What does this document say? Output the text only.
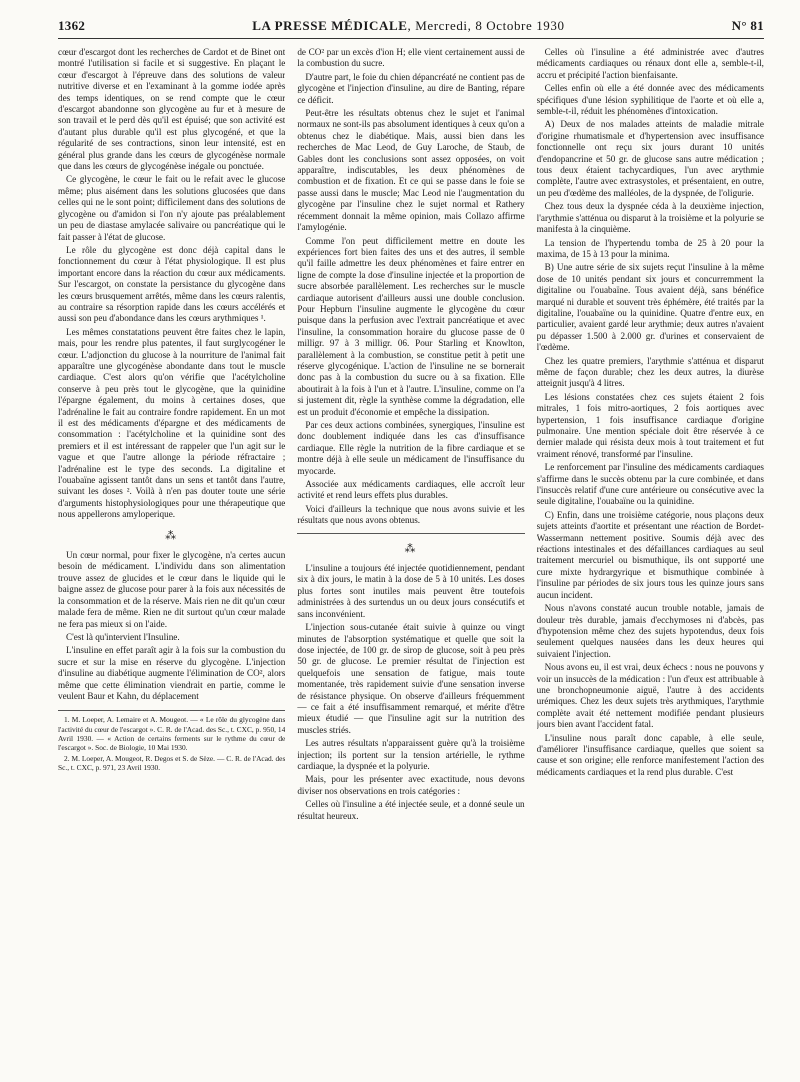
1362	LA PRESSE MÉDICALE, Mercredi, 8 Octobre 1930	N° 81

cœur d'escargot dont les recherches de Cardot et de Binet ont montré l'utilisation si facile et si suggestive. En plaçant le cœur d'escargot à l'épreuve dans des solutions de valeur nutritive diverse et en l'examinant à la gomme iodée après des temps identiques, on se rend compte que le cœur d'escargot abandonne son glycogène au fur et à mesure de son travail et le perd dès qu'il est épuisé; que son activité est d'autant plus durable qu'il est plus glycogéné, et que la régularité de ses contractions, sinon leur intensité, est en général plus grande dans les cœurs de glycogénèse normale que dans les cœurs de glycogénèse inégale ou ponctuée.

Ce glycogène, le cœur le fait ou le refait avec le glucose même; plus aisément dans les solutions glucosées que dans celles qui ne le sont point; difficilement dans des solutions de glycogène ou d'amidon si l'on n'y ajoute pas préalablement un peu de diastase amylacée salivaire ou pancréatique qui le fait passer à l'état de glucose.

Le rôle du glycogène est donc déjà capital dans le fonctionnement du cœur à l'état physiologique. Il est plus important encore dans la réaction du cœur aux médicaments. Sur l'escargot, on constate la persistance du glycogène dans les cœurs brusquement arrêtés, même dans les cœurs ralentis, au contraire sa résorption rapide dans les cœurs accélérés et aussi son peu d'abondance dans les cœurs arythmiques ¹.

Les mêmes constatations peuvent être faites chez le lapin, mais, pour les rendre plus patentes, il faut surglycogéner le cœur. L'adjonction du glucose à la nourriture de l'animal fait apparaître une glycogénèse abondante dans tout le muscle cardiaque. C'est alors qu'on vérifie que l'acétylcholine conserve à peu près tout le glycogène, que la quinidine l'épargne également, du moins à certaines doses, que l'adrénaline le fait au contraire fondre rapidement. En un mot il est des médicaments d'épargne et des médicaments de consommation : l'acétylcholine et la quinidine sont des premiers et il est intéressant de rappeler que l'un agit sur le vague et que l'autre allonge la période réfractaire ; l'adrénaline est le type des seconds. La digitaline et l'ouabaïne agissent tantôt dans un sens et tantôt dans l'autre, suivant les doses ². Voilà à n'en pas douter toute une série d'arguments histophysiologiques pour une thérapeutique que nous appellerons amyloperique.

⁂

Un cœur normal, pour fixer le glycogène, n'a certes aucun besoin de médicament. L'individu dans son alimentation trouve assez de glucides et le cœur dans le liquide qui le baigne assez de glucose pour parer à la fois aux nécessités de la consommation et de la réserve. Mais rien ne dit qu'un cœur malade fera de même. Rien ne dit surtout qu'un cœur malade ne fera pas mieux si on l'aide.

C'est là qu'intervient l'Insuline.

L'insuline en effet paraît agir à la fois sur la combustion du sucre et sur la mise en réserve du glycogène. L'injection d'insuline au diabétique augmente l'élimination de CO², alors même que cette élimination viendrait en partie, comme le veulent Baur et Kahn, du déplacement

1. M. Loeper, A. Lemaire et A. Mougeot. — « Le rôle du glycogène dans l'activité du cœur de l'escargot ». C. R. de l'Acad. des Sc., t. CXC, p. 950, 14 Avril 1930. — « Action de certains ferments sur le rythme du cœur de l'escargot ». Soc. de Biologie, 10 Mai 1930.

2. M. Loeper, A. Mougeot, R. Degos et S. de Sèze. — C. R. de l'Acad. des Sc., t. CXC, p. 971, 23 Avril 1930.

de CO² par un excès d'ion H; elle vient certainement aussi de la combustion du sucre.

D'autre part, le foie du chien dépancréaté ne contient pas de glycogène et l'injection d'insuline, au dire de Banting, répare ce déficit.

Peut-être les résultats obtenus chez le sujet et l'animal normaux ne sont-ils pas absolument identiques à ceux qu'on a obtenus chez le diabétique. Mais, aussi bien dans les recherches de Mac Leod, de Guy Laroche, de Staub, de Gables dont les conclusions sont assez opposées, on voit apparaître, indiscutables, les deux phénomènes de combustion et de fixation. Et ce qui se passe dans le foie se passe aussi dans le muscle; Mac Leod nie l'augmentation du glycogène par l'insuline chez le sujet normal et Rathery récemment donnait la même opinion, mais Collazo affirme l'amylogénie.

Comme l'on peut difficilement mettre en doute les expériences fort bien faites des uns et des autres, il semble qu'il faille admettre les deux phénomènes et faire entrer en ligne de compte la dose d'insuline injectée et la proportion de sucre absorbée parallèlement. Les recherches sur le muscle cardiaque autorisent d'ailleurs aussi une double conclusion. Pour Hepburn l'insuline augmente le glycogène du cœur puisque dans la perfusion avec l'extrait pancréatique et avec l'insuline, la consommation horaire du glucose passe de 0 milligr. 97 à 3 milligr. 06. Pour Starling et Knowlton, parallèlement à la combustion, se constitue petit à petit une réserve glycogénique. L'action de l'insuline ne se bornerait donc pas à la combustion du sucre ou à sa fixation. Elle aboutirait à la fois à l'un et à l'autre. L'insuline, comme on l'a si justement dit, règle la synthèse comme la dégradation, elle est un produit d'économie et empêche la dissipation.

Par ces deux actions combinées, synergiques, l'insuline est donc doublement indiquée dans les cas d'insuffisance cardiaque. Elle règle la nutrition de la fibre cardiaque et se montre déjà à elle seule un médicament de l'insuffisance du myocarde.

Associée aux médicaments cardiaques, elle accroît leur activité et rend leurs effets plus durables.

Voici d'ailleurs la technique que nous avons suivie et les résultats que nous avons obtenus.

⁂

L'insuline a toujours été injectée quotidiennement, pendant six à dix jours, le matin à la dose de 5 à 10 unités. Les doses plus fortes sont inutiles mais peuvent être toutefois administrées à des surtendus un ou deux jours consécutifs et sans inconvénient.

L'injection sous-cutanée était suivie à quinze ou vingt minutes de l'absorption systématique et quelle que soit la dose injectée, de 100 gr. de sirop de glucose, soit à peu près 50 gr. de glucose. Le premier résultat de l'injection est quelquefois une sensation de fatigue, mais toute momentanée, très rapidement suivie d'une sensation inverse de résistance physique. On observe d'ailleurs fréquemment — ce fait a été insuffisamment remarqué, et mérite d'être mieux étudié — que l'insuline agit sur la nutrition des muscles striés.

Les autres résultats n'apparaissent guère qu'à la troisième injection; ils portent sur la tension artérielle, le rythme cardiaque, la dyspnée et la polyurie.

Mais, pour les présenter avec exactitude, nous devons diviser nos observations en trois catégories :

Celles où l'insuline a été injectée seule, et a donné seule un résultat heureux.

Celles où l'insuline a été administrée avec d'autres médicaments cardiaques ou rénaux dont elle a, semble-t-il, accru et précipité l'action bienfaisante.

Celles enfin où elle a été donnée avec des médicaments spécifiques d'une lésion syphilitique de l'aorte et où elle a, semble-t-il, réduit les phénomènes d'intoxication.

A) Deux de nos malades atteints de maladie mitrale d'origine rhumatismale et d'hypertension avec insuffisance fonctionnelle ont reçu six jours durant 10 unités d'endopancrine et 50 gr. de glucose sans autre médication ; tous deux étaient tachycardiques, l'un avec arythmie complète, l'autre avec extrasystoles, et présentaient, en outre, un peu d'œdème des malléoles, de la dyspnée, de l'oligurie.

Chez tous deux la dyspnée céda à la deuxième injection, l'arythmie s'atténua ou disparut à la troisième et la polyurie se manifesta à la cinquième.

La tension de l'hypertendu tomba de 25 à 20 pour la maxima, de 15 à 13 pour la minima.

B) Une autre série de six sujets reçut l'insuline à la même dose de 10 unités pendant six jours et concurremment la digitaline ou l'ouabaïne. Tous avaient déjà, sans bénéfice marqué ni durable et souvent très éphémère, été traités par la digitaline, l'ouabaïne ou la quinidine. Quatre d'entre eux, en particulier, avaient gardé leur arythmie; deux autres n'avaient pu dépasser 1.500 à 2.000 gr. d'urines et conservaient de l'œdème.

Chez les quatre premiers, l'arythmie s'atténua et disparut même de façon durable; chez les deux autres, la diurèse atteignit jusqu'à 4 litres.

Les lésions constatées chez ces sujets étaient 2 fois mitrales, 1 fois mitro-aortiques, 2 fois aortiques avec hypertension, 1 fois insuffisance cardiaque d'origine pulmonaire. Une mention spéciale doit être réservée à ce dernier malade qui résista deux mois à tout traitement et fut vraiment rénové, transformé par l'insuline.

Le renforcement par l'insuline des médicaments cardiaques s'affirme dans le succès obtenu par la cure combinée, et dans l'insuccès relatif d'une cure antérieure ou consécutive avec la seule digitaline, l'ouabaïne ou la quinidine.

C) Enfin, dans une troisième catégorie, nous plaçons deux sujets atteints d'aortite et présentant une réaction de Bordet-Wassermann nettement positive. Soumis déjà avec des réactions intestinales et des défaillances cardiaques au seul traitement mercuriel ou bismuthique, ils ont supporté une cure mixte hydrargyrique et bismuthique combinée à l'insuline par périodes de six jours tous les quinze jours sans aucun incident.

Nous n'avons constaté aucun trouble notable, jamais de douleur très durable, jamais d'ecchymoses ni d'abcès, pas d'hypotension même chez des sujets hypotendus, deux fois seulement quelques nausées dans les deux heures qui suivaient l'injection.

Nous avons eu, il est vrai, deux échecs : nous ne pouvons y voir un insuccès de la médication : l'un d'eux est attribuable à une bronchopneumonie aiguë, l'autre à des accidents urémiques. Chez les deux sujets très arythmiques, l'arythmie complète avait été nettement modifiée pendant plusieurs jours bien avant l'accident fatal.

L'insuline nous paraît donc capable, à elle seule, d'améliorer l'insuffisance cardiaque, quelles que soient sa cause et son origine; elle renforce manifestement l'action des médicaments cardiaques et la rend plus durable. C'est
